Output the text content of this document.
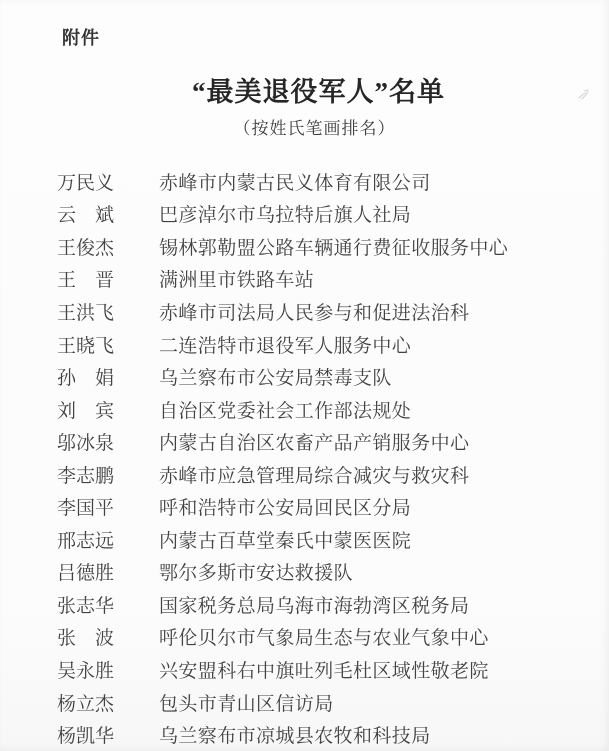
附件
“最美退役军人”名单
（按姓氏笔画排名）
万民义 赤峰市内蒙古民义体育有限公司
云　斌 巴彦淖尔市乌拉特后旗人社局
王俊杰 锡林郭勒盟公路车辆通行费征收服务中心
王　晋 满洲里市铁路车站
王洪飞 赤峰市司法局人民参与和促进法治科
王晓飞 二连浩特市退役军人服务中心
孙　娟 乌兰察布市公安局禁毒支队
刘　宾 自治区党委社会工作部法规处
邬冰泉 内蒙古自治区农畜产品产销服务中心
李志鹏 赤峰市应急管理局综合减灾与救灾科
李国平 呼和浩特市公安局回民区分局
邢志远 内蒙古百草堂秦氏中蒙医医院
吕德胜 鄂尔多斯市安达救援队
张志华 国家税务总局乌海市海勃湾区税务局
张　波 呼伦贝尔市气象局生态与农业气象中心
吴永胜 兴安盟科右中旗吐列毛杜区域性敬老院
杨立杰 包头市青山区信访局
杨凯华 乌兰察布市凉城县农牧和科技局
